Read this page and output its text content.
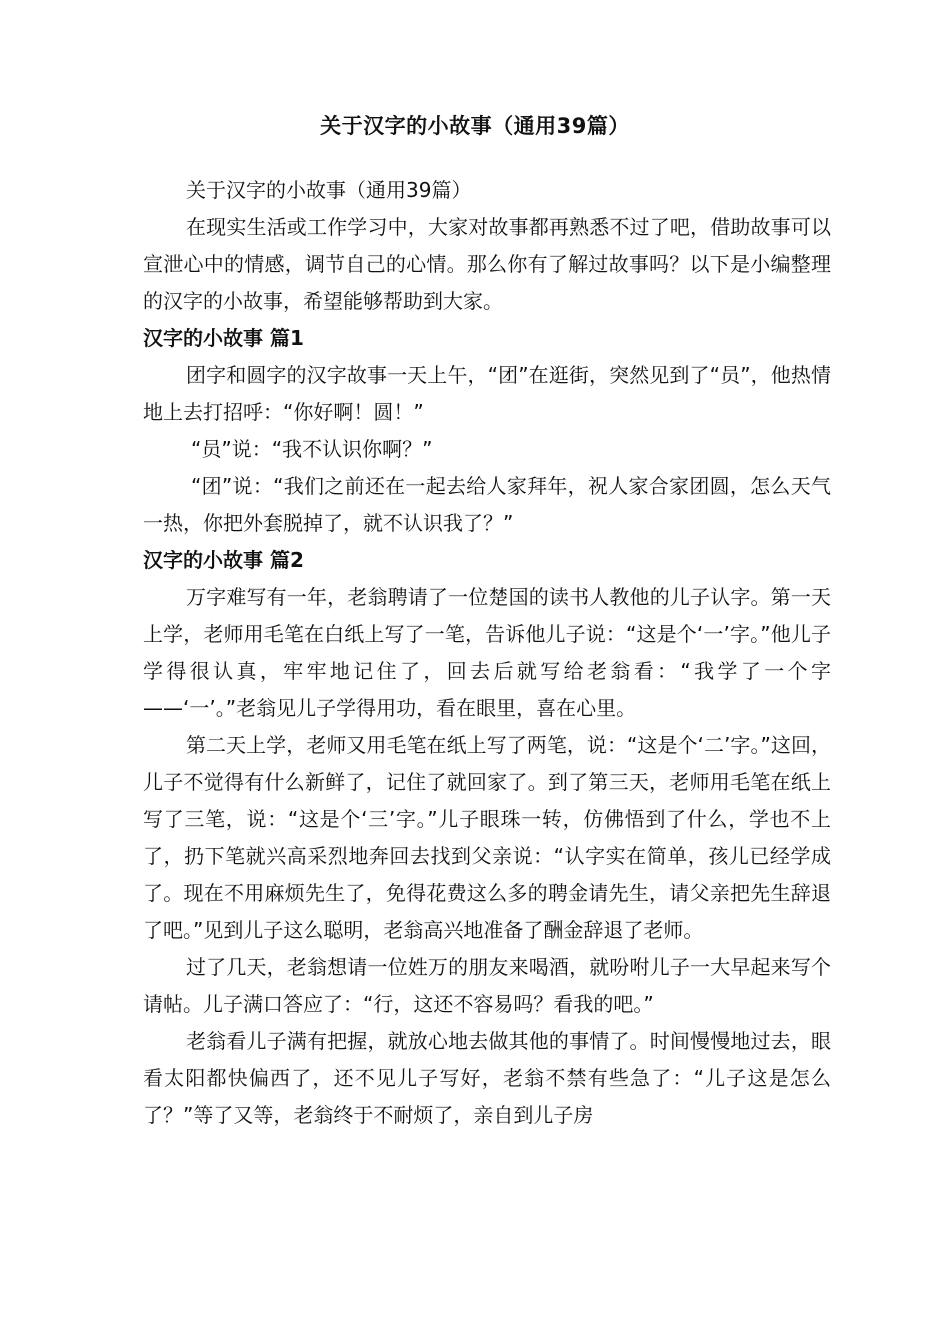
关于汉字的小故事（通用39篇）

关于汉字的小故事（通用39篇）

在现实生活或工作学习中，大家对故事都再熟悉不过了吧，借助故事可以宣泄心中的情感，调节自己的心情。那么你有了解过故事吗？以下是小编整理的汉字的小故事，希望能够帮助到大家。

汉字的小故事 篇1

团字和圆字的汉字故事一天上午，“团”在逛街，突然见到了“员”，他热情地上去打招呼：“你好啊！圆！”

“员”说：“我不认识你啊？”

“团”说：“我们之前还在一起去给人家拜年，祝人家合家团圆，怎么天气一热，你把外套脱掉了，就不认识我了？”

汉字的小故事 篇2

万字难写有一年，老翁聘请了一位楚国的读书人教他的儿子认字。第一天上学，老师用毛笔在白纸上写了一笔，告诉他儿子说：“这是个‘一’字。”他儿子学得很认真，牢牢地记住了，回去后就写给老翁看：“我学了一个字——‘一’。”老翁见儿子学得用功，看在眼里，喜在心里。

第二天上学，老师又用毛笔在纸上写了两笔，说：“这是个‘二’字。”这回，儿子不觉得有什么新鲜了，记住了就回家了。到了第三天，老师用毛笔在纸上写了三笔，说：“这是个‘三’字。”儿子眼珠一转，仿佛悟到了什么，学也不上了，扔下笔就兴高采烈地奔回去找到父亲说：“认字实在简单，孩儿已经学成了。现在不用麻烦先生了，免得花费这么多的聘金请先生，请父亲把先生辞退了吧。”见到儿子这么聪明，老翁高兴地准备了酬金辞退了老师。

过了几天，老翁想请一位姓万的朋友来喝酒，就吩咐儿子一大早起来写个请帖。儿子满口答应了：“行，这还不容易吗？看我的吧。”

老翁看儿子满有把握，就放心地去做其他的事情了。时间慢慢地过去，眼看太阳都快偏西了，还不见儿子写好，老翁不禁有些急了：“儿子这是怎么了？”等了又等，老翁终于不耐烦了，亲自到儿子房
